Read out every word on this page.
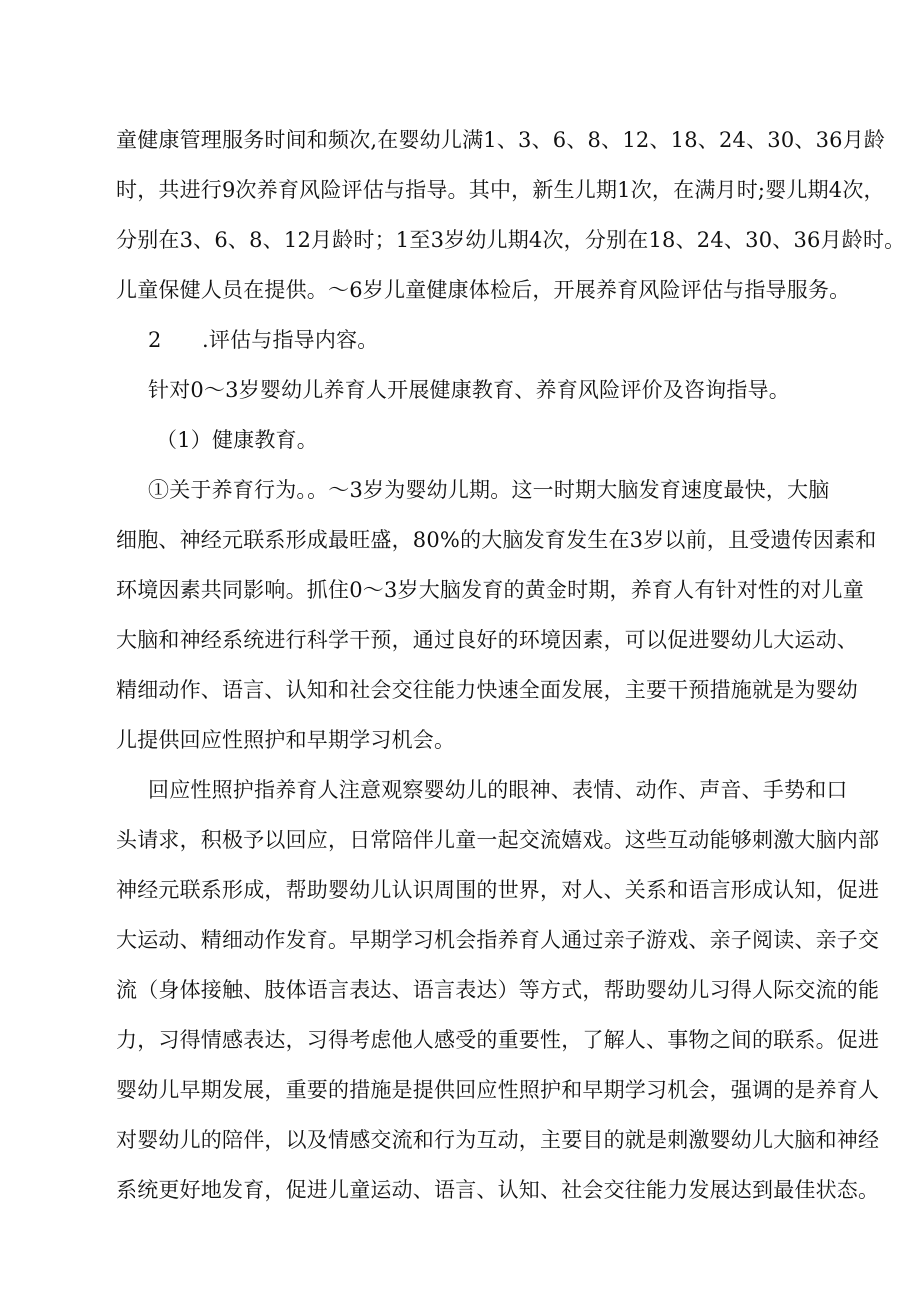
童健康管理服务时间和频次,在婴幼儿满1、3、6、8、12、18、24、30、36月龄
时，共进行9次养育风险评估与指导。其中，新生儿期1次，在满月时;婴儿期4次，
分别在3、6、8、12月龄时；1至3岁幼儿期4次，分别在18、24、30、36月龄时。
儿童保健人员在提供。〜6岁儿童健康体检后，开展养育风险评估与指导服务。
2 .评估与指导内容。
针对0〜3岁婴幼儿养育人开展健康教育、养育风险评价及咨询指导。
（1）健康教育。
①关于养育行为。。〜3岁为婴幼儿期。这一时期大脑发育速度最快，大脑
细胞、神经元联系形成最旺盛，80%的大脑发育发生在3岁以前，且受遗传因素和
环境因素共同影响。抓住0〜3岁大脑发育的黄金时期，养育人有针对性的对儿童
大脑和神经系统进行科学干预，通过良好的环境因素，可以促进婴幼儿大运动、
精细动作、语言、认知和社会交往能力快速全面发展，主要干预措施就是为婴幼
儿提供回应性照护和早期学习机会。
回应性照护指养育人注意观察婴幼儿的眼神、表情、动作、声音、手势和口
头请求，积极予以回应，日常陪伴儿童一起交流嬉戏。这些互动能够刺激大脑内部
神经元联系形成，帮助婴幼儿认识周围的世界，对人、关系和语言形成认知，促进
大运动、精细动作发育。早期学习机会指养育人通过亲子游戏、亲子阅读、亲子交
流（身体接触、肢体语言表达、语言表达）等方式，帮助婴幼儿习得人际交流的能
力，习得情感表达，习得考虑他人感受的重要性，了解人、事物之间的联系。促进
婴幼儿早期发展，重要的措施是提供回应性照护和早期学习机会，强调的是养育人
对婴幼儿的陪伴，以及情感交流和行为互动，主要目的就是刺激婴幼儿大脑和神经
系统更好地发育，促进儿童运动、语言、认知、社会交往能力发展达到最佳状态。
